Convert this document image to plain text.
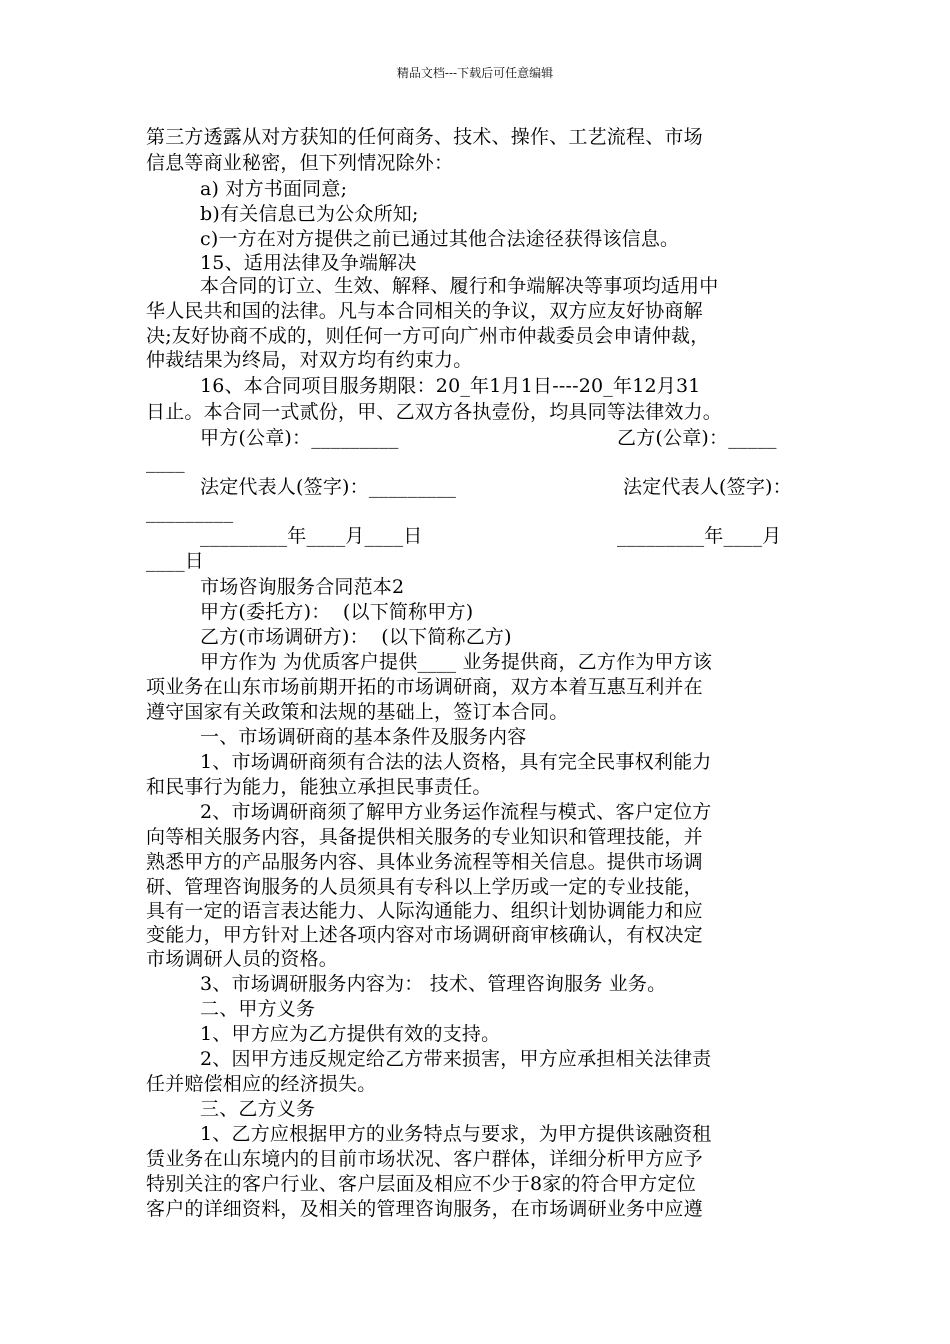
精品文档---下载后可任意编辑
第三方透露从对方获知的任何商务、技术、操作、工艺流程、市场
信息等商业秘密，但下列情况除外：
a) 对方书面同意;
b)有关信息已为公众所知;
c)一方在对方提供之前已通过其他合法途径获得该信息。
15、适用法律及争端解决
本合同的订立、生效、解释、履行和争端解决等事项均适用中
华人民共和国的法律。凡与本合同相关的争议，双方应友好协商解
决;友好协商不成的，则任何一方可向广州市仲裁委员会申请仲裁，
仲裁结果为终局，对双方均有约束力。
16、本合同项目服务期限：20_年1月1日----20_年12月31
日止。本合同一式贰份，甲、乙双方各执壹份，均具同等法律效力。

甲方(公章)：_________

	乙方(公章)：_____

____

法定代表人(签字)：_________

	法定代表人(签字)：

_________

_________年____月____日

	_________年____月

____日
市场咨询服务合同范本2
甲方(委托方)：  (以下简称甲方)
乙方(市场调研方)：  (以下简称乙方)
甲方作为 为优质客户提供____ 业务提供商，乙方作为甲方该
项业务在山东市场前期开拓的市场调研商，双方本着互惠互利并在
遵守国家有关政策和法规的基础上，签订本合同。
一、市场调研商的基本条件及服务内容
1、市场调研商须有合法的法人资格，具有完全民事权利能力
和民事行为能力，能独立承担民事责任。
2、市场调研商须了解甲方业务运作流程与模式、客户定位方
向等相关服务内容，具备提供相关服务的专业知识和管理技能，并
熟悉甲方的产品服务内容、具体业务流程等相关信息。提供市场调
研、管理咨询服务的人员须具有专科以上学历或一定的专业技能，
具有一定的语言表达能力、人际沟通能力、组织计划协调能力和应
变能力，甲方针对上述各项内容对市场调研商审核确认，有权决定
市场调研人员的资格。
3、市场调研服务内容为： 技术、管理咨询服务 业务。
二、甲方义务
1、甲方应为乙方提供有效的支持。
2、因甲方违反规定给乙方带来损害，甲方应承担相关法律责
任并赔偿相应的经济损失。
三、乙方义务
1、乙方应根据甲方的业务特点与要求，为甲方提供该融资租
赁业务在山东境内的目前市场状况、客户群体，详细分析甲方应予
特别关注的客户行业、客户层面及相应不少于8家的符合甲方定位
客户的详细资料，及相关的管理咨询服务，在市场调研业务中应遵
